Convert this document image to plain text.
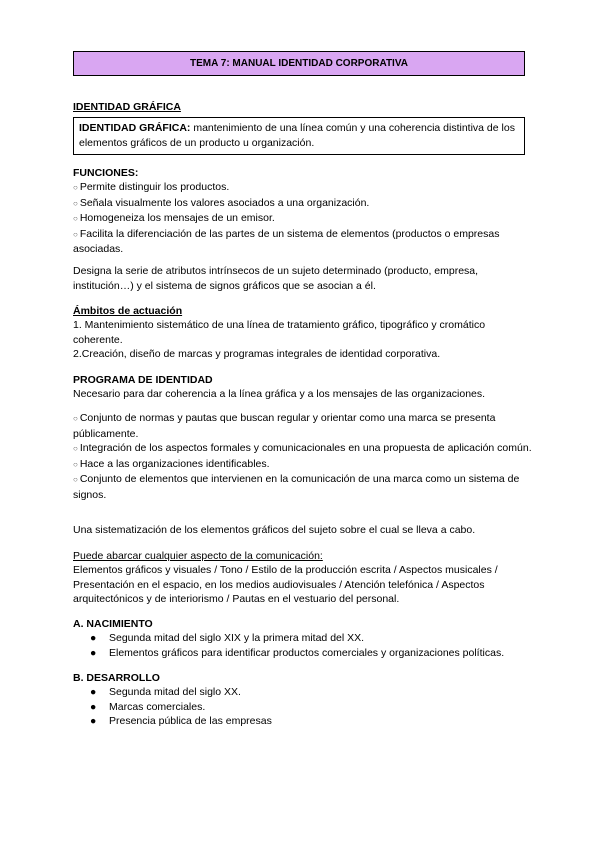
TEMA 7: MANUAL IDENTIDAD CORPORATIVA
IDENTIDAD GRÁFICA
IDENTIDAD GRÁFICA: mantenimiento de una línea común y una coherencia distintiva de los elementos gráficos de un producto u organización.
FUNCIONES:
○ Permite distinguir los productos.
○ Señala visualmente los valores asociados a una organización.
○ Homogeneiza los mensajes de un emisor.
○ Facilita la diferenciación de las partes de un sistema de elementos (productos o empresas asociadas.
Designa la serie de atributos intrínsecos de un sujeto determinado (producto, empresa, institución…) y el sistema de signos gráficos que se asocian a él.
Ámbitos de actuación
1. Mantenimiento sistemático de una línea de tratamiento gráfico, tipográfico y cromático coherente.
2.Creación, diseño de marcas y programas integrales de identidad corporativa.
PROGRAMA DE IDENTIDAD
Necesario para dar coherencia a la línea gráfica y a los mensajes de las organizaciones.
○ Conjunto de normas y pautas que buscan regular y orientar como una marca se presenta públicamente.
○ Integración de los aspectos formales y comunicacionales en una propuesta de aplicación común.
○ Hace a las organizaciones identificables.
○ Conjunto de elementos que intervienen en la comunicación de una marca como un sistema de signos.
Una sistematización de los elementos gráficos del sujeto sobre el cual se lleva a cabo.
Puede abarcar cualquier aspecto de la comunicación:
Elementos gráficos y visuales / Tono / Estilo de la producción escrita / Aspectos musicales / Presentación en el espacio, en los medios audiovisuales / Atención telefónica / Aspectos arquitectónicos y de interiorismo / Pautas en el vestuario del personal.
A. NACIMIENTO
● Segunda mitad del siglo XIX y la primera mitad del XX.
● Elementos gráficos para identificar productos comerciales y organizaciones políticas.
B. DESARROLLO
● Segunda mitad del siglo XX.
● Marcas comerciales.
● Presencia pública de las empresas
